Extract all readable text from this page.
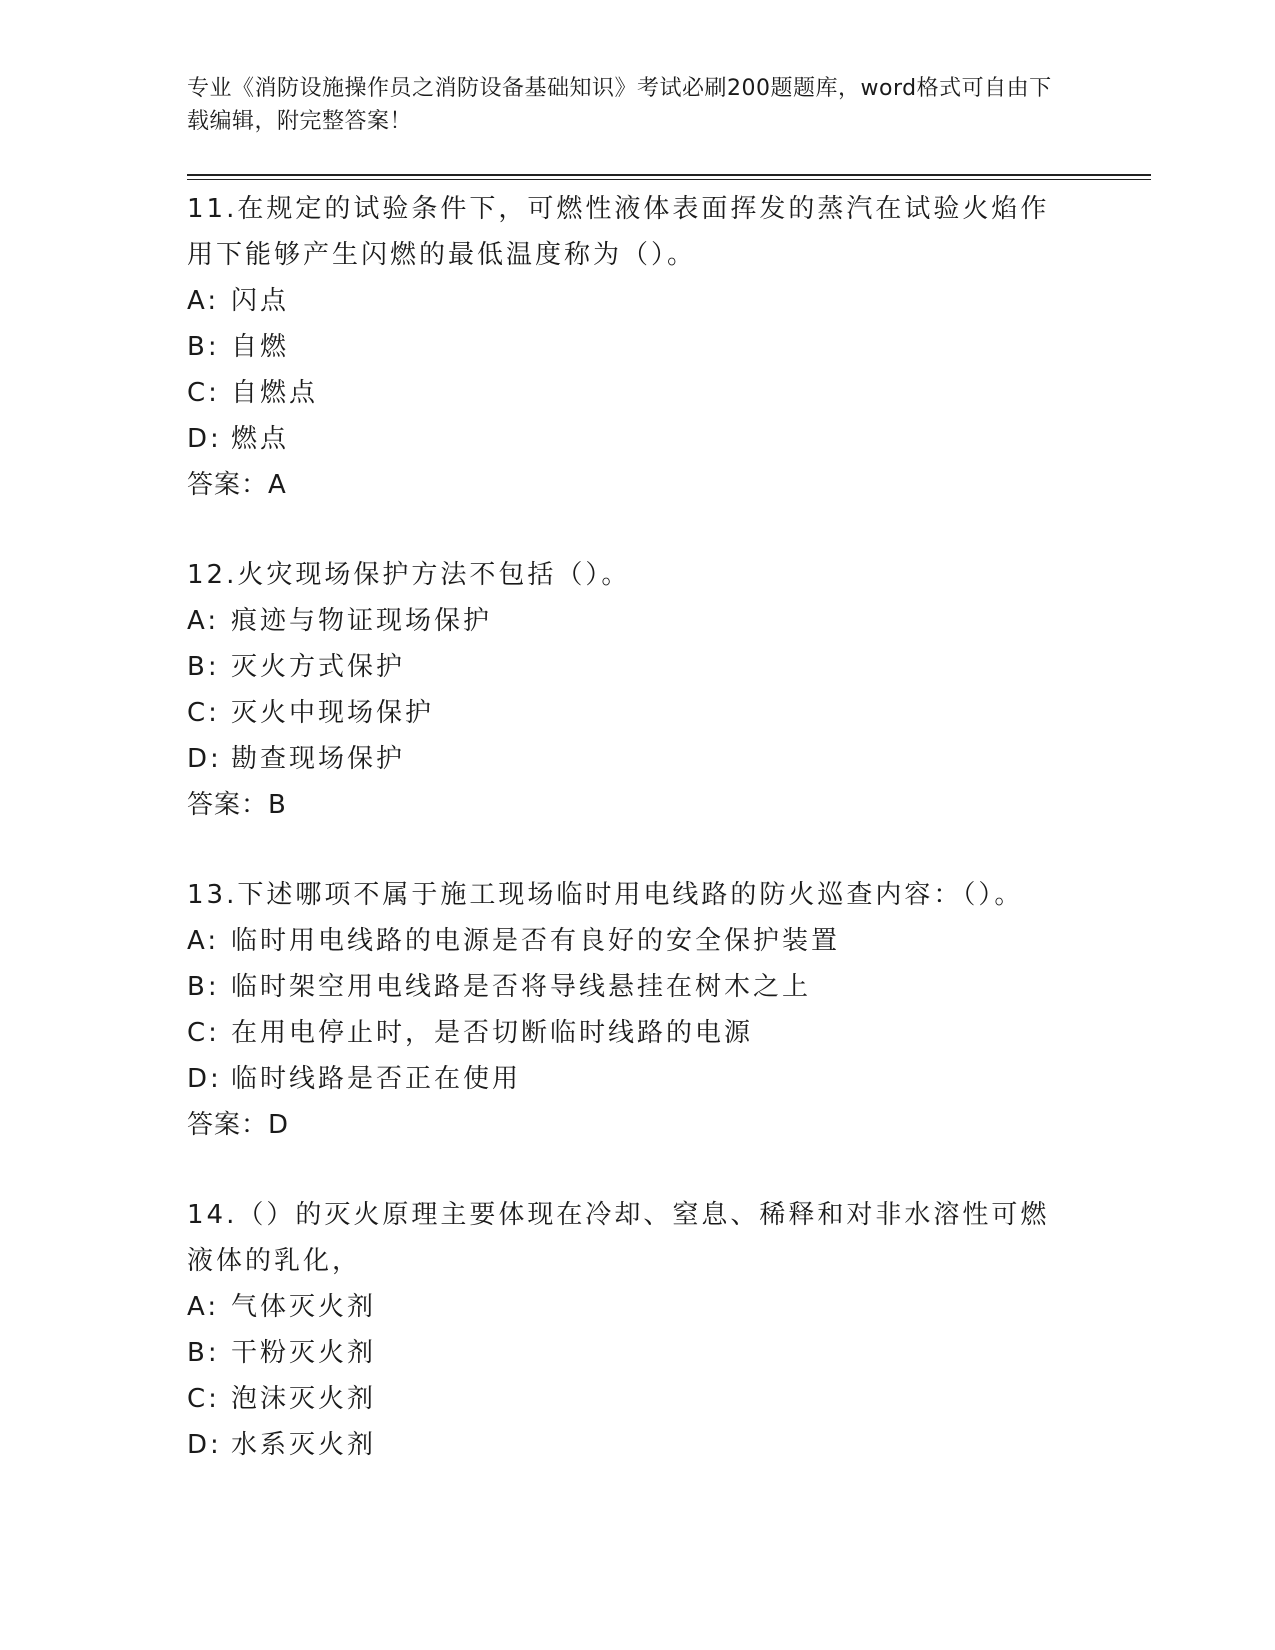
专业《消防设施操作员之消防设备基础知识》考试必刷200题题库，word格式可自由下载编辑，附完整答案！
11.在规定的试验条件下，可燃性液体表面挥发的蒸汽在试验火焰作用下能够产生闪燃的最低温度称为（）。
A: 闪点
B: 自燃
C: 自燃点
D: 燃点
答案：A
12.火灾现场保护方法不包括（）。
A: 痕迹与物证现场保护
B: 灭火方式保护
C: 灭火中现场保护
D: 勘查现场保护
答案：B
13.下述哪项不属于施工现场临时用电线路的防火巡查内容：（）。
A: 临时用电线路的电源是否有良好的安全保护装置
B: 临时架空用电线路是否将导线悬挂在树木之上
C: 在用电停止时，是否切断临时线路的电源
D: 临时线路是否正在使用
答案：D
14.（）的灭火原理主要体现在冷却、窒息、稀释和对非水溶性可燃液体的乳化，
A: 气体灭火剂
B: 干粉灭火剂
C: 泡沫灭火剂
D: 水系灭火剂
